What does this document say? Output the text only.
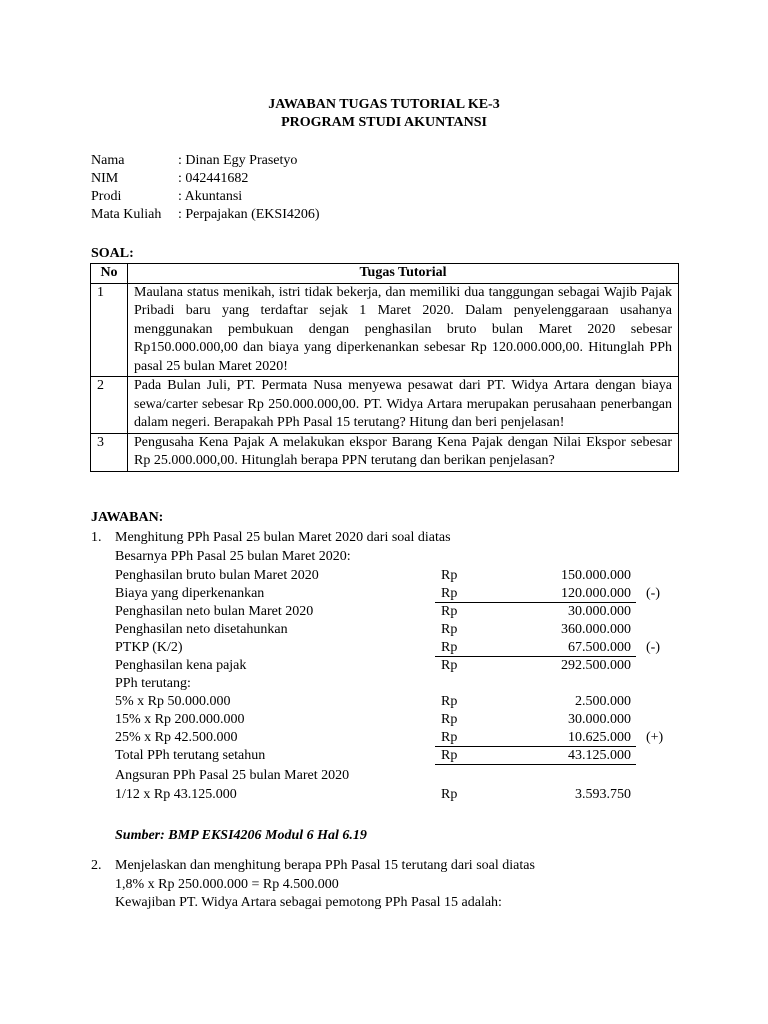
JAWABAN TUGAS TUTORIAL KE-3
PROGRAM STUDI AKUNTANSI
Nama	: Dinan Egy Prasetyo
NIM	: 042441682
Prodi	: Akuntansi
Mata Kuliah : Perpajakan (EKSI4206)
SOAL:
No	Tugas Tutorial
1	Maulana status menikah, istri tidak bekerja, dan memiliki dua tanggungan sebagai Wajib Pajak Pribadi baru yang terdaftar sejak 1 Maret 2020. Dalam penyelenggaraan usahanya menggunakan pembukuan dengan penghasilan bruto bulan Maret 2020 sebesar Rp150.000.000,00 dan biaya yang diperkenankan sebesar Rp 120.000.000,00. Hitunglah PPh pasal 25 bulan Maret 2020!
2	Pada Bulan Juli, PT. Permata Nusa menyewa pesawat dari PT. Widya Artara dengan biaya sewa/carter sebesar Rp 250.000.000,00. PT. Widya Artara merupakan perusahaan penerbangan dalam negeri. Berapakah PPh Pasal 15 terutang? Hitung dan beri penjelasan!
3	Pengusaha Kena Pajak A melakukan ekspor Barang Kena Pajak dengan Nilai Ekspor sebesar Rp 25.000.000,00. Hitunglah berapa PPN terutang dan berikan penjelasan?
JAWABAN:
1. Menghitung PPh Pasal 25 bulan Maret 2020 dari soal diatas
Besarnya PPh Pasal 25 bulan Maret 2020:
Penghasilan bruto bulan Maret 2020	Rp	150.000.000
Biaya yang diperkenankan	Rp	120.000.000 (-)
Penghasilan neto bulan Maret 2020	Rp	30.000.000
Penghasilan neto disetahunkan	Rp	360.000.000
PTKP (K/2)	Rp	67.500.000 (-)
Penghasilan kena pajak	Rp	292.500.000
PPh terutang:
5% x Rp 50.000.000	Rp	2.500.000
15% x Rp 200.000.000	Rp	30.000.000
25% x Rp 42.500.000	Rp	10.625.000 (+)
Total PPh terutang setahun	Rp	43.125.000
Angsuran PPh Pasal 25 bulan Maret 2020
1/12 x Rp 43.125.000	Rp	3.593.750
Sumber: BMP EKSI4206 Modul 6 Hal 6.19
2. Menjelaskan dan menghitung berapa PPh Pasal 15 terutang dari soal diatas
1,8% x Rp 250.000.000 = Rp 4.500.000
Kewajiban PT. Widya Artara sebagai pemotong PPh Pasal 15 adalah:
